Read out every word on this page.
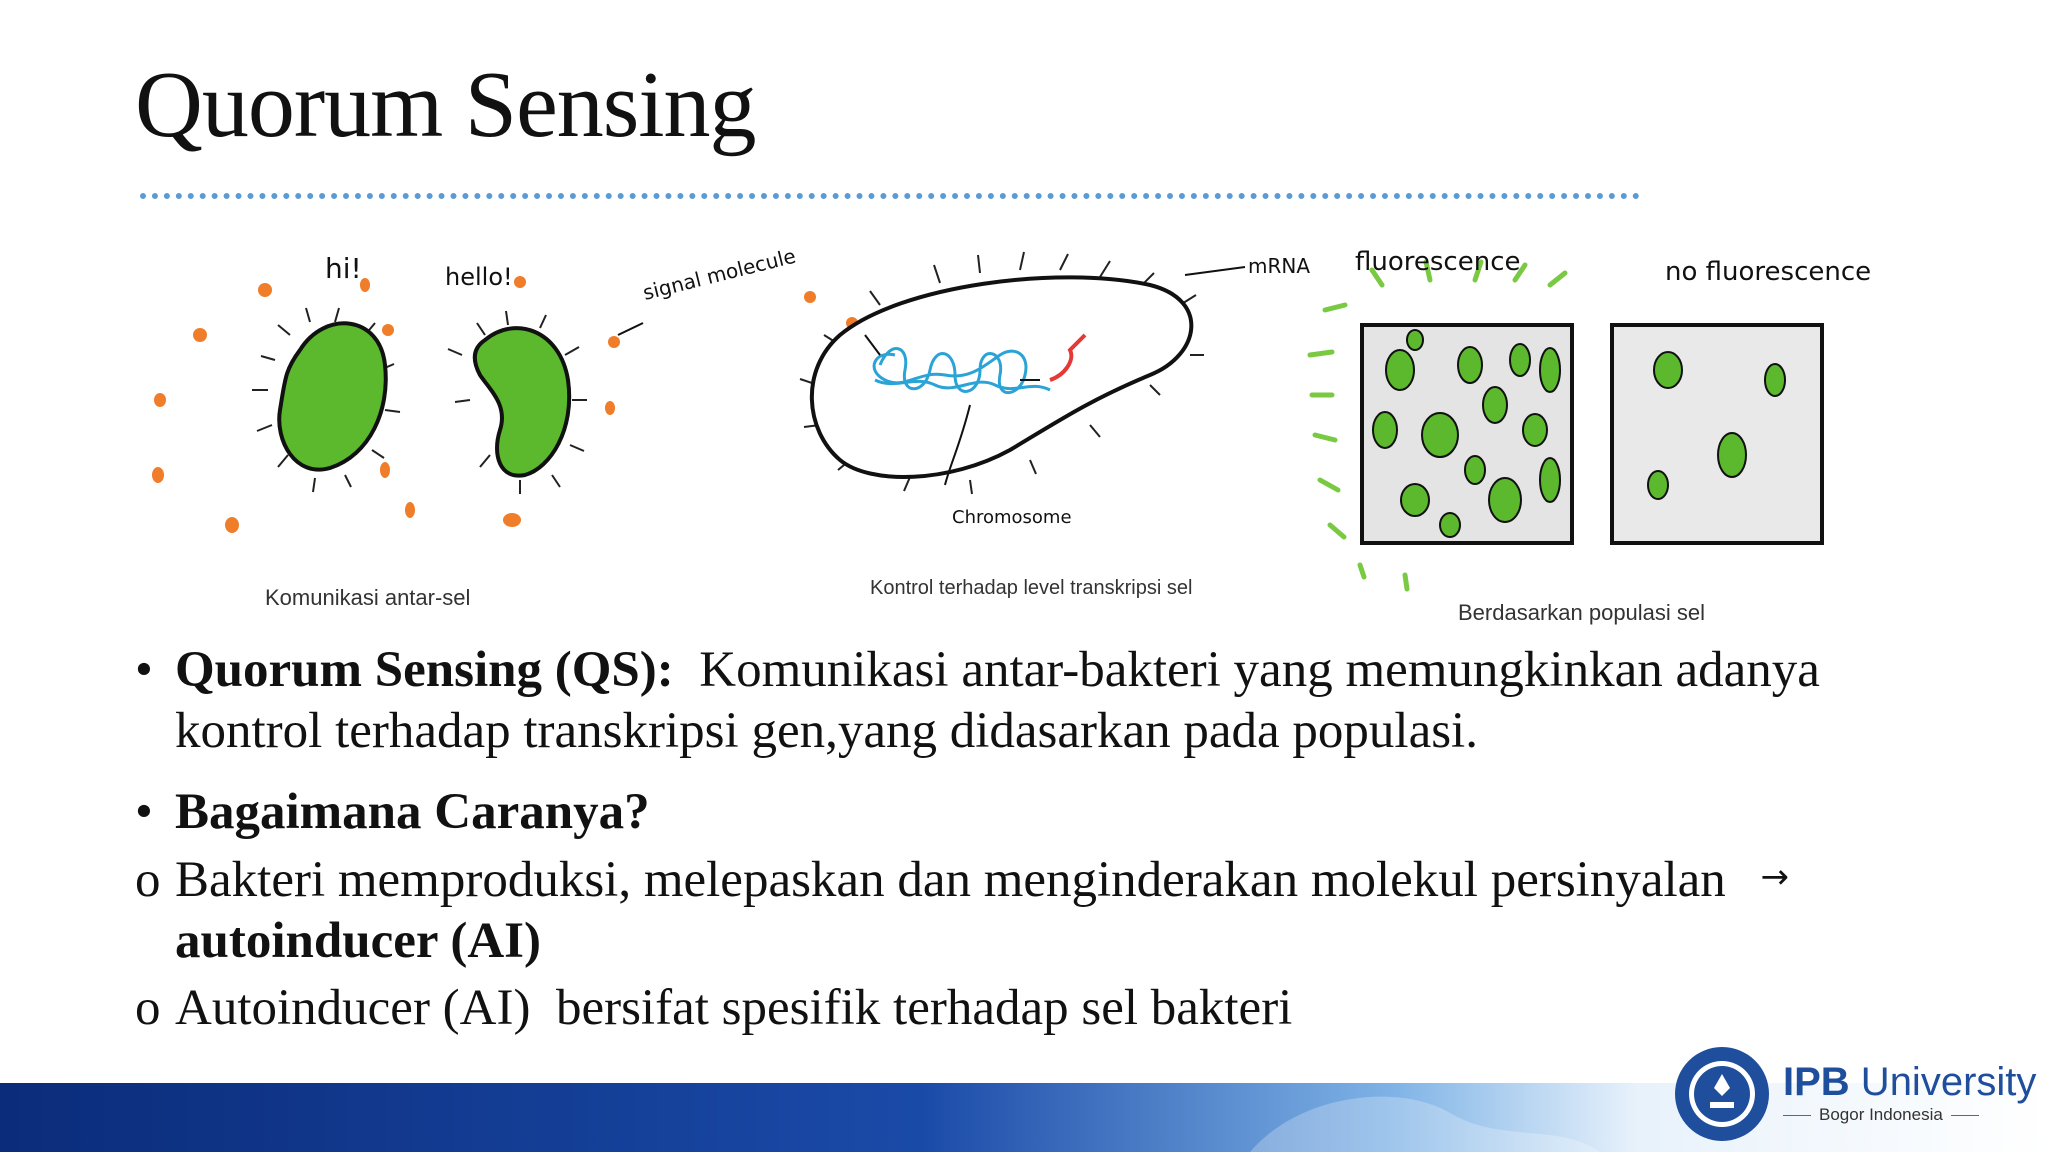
Quorum Sensing
hi!	hello!	signal molecule
Komunikasi antar-sel
mRNA
Chromosome
Kontrol terhadap level transkripsi sel
fluorescence	no fluorescence
Berdasarkan populasi sel
• Quorum Sensing (QS): Komunikasi antar-bakteri yang memungkinkan adanya kontrol terhadap transkripsi gen,yang didasarkan pada populasi.
• Bagaimana Caranya?
o Bakteri memproduksi, melepaskan dan menginderakan molekul persinyalan →
autoinducer (AI)
o Autoinducer (AI)  bersifat spesifik terhadap sel bakteri
IPB University
Bogor Indonesia
